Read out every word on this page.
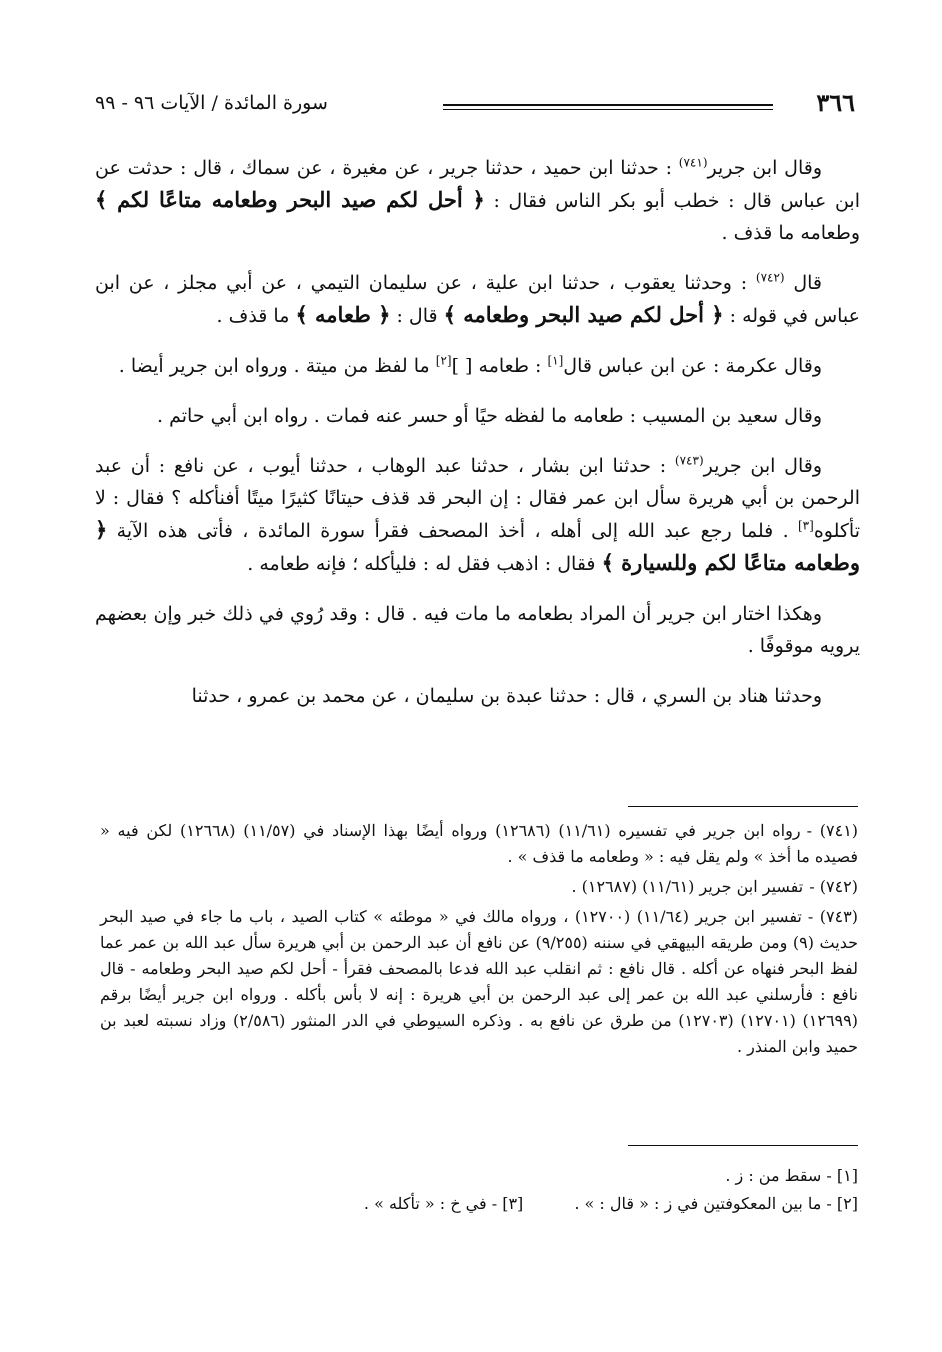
٣٦٦
سورة المائدة / الآيات ٩٦ - ٩٩

وقال ابن جرير$^{(٧٤١)}$ : حدثنا ابن حميد ، حدثنا جرير ، عن مغيرة ، عن سماك ، قال : حدثت عن ابن عباس قال : خطب أبو بكر الناس فقال : ﴿ أحل لكم صيد البحر وطعامه متاعًا لكم ﴾ وطعامه ما قذف .

قال $^{(٧٤٢)}$ : وحدثنا يعقوب ، حدثنا ابن علية ، عن سليمان التيمي ، عن أبي مجلز ، عن ابن عباس في قوله : ﴿ أحل لكم صيد البحر وطعامه ﴾ قال : ﴿ طعامه ﴾ ما قذف .

وقال عكرمة : عن ابن عباس قال[١] : طعامه [ ][٢] ما لفظ من ميتة . ورواه ابن جرير أيضا .

وقال سعيد بن المسيب : طعامه ما لفظه حيًا أو حسر عنه فمات . رواه ابن أبي حاتم .

وقال ابن جرير$^{(٧٤٣)}$ : حدثنا ابن بشار ، حدثنا عبد الوهاب ، حدثنا أيوب ، عن نافع : أن عبد الرحمن بن أبي هريرة سأل ابن عمر فقال : إن البحر قد قذف حيتانًا كثيرًا ميتًا أفنأكله ؟ فقال : لا تأكلوه[٣] . فلما رجع عبد الله إلى أهله ، أخذ المصحف فقرأ سورة المائدة ، فأتى هذه الآية ﴿ وطعامه متاعًا لكم وللسيارة ﴾ فقال : اذهب فقل له : فليأكله ؛ فإنه طعامه .

وهكذا اختار ابن جرير أن المراد بطعامه ما مات فيه . قال : وقد رُوي في ذلك خبر وإن بعضهم يرويه موقوفًا .

وحدثنا هناد بن السري ، قال : حدثنا عبدة بن سليمان ، عن محمد بن عمرو ، حدثنا

(٧٤١) -رواه ابن جرير في تفسيره (١١/٦١) (١٢٦٨٦) ورواه أيضًا بهذا الإسناد في (١١/٥٧) (١٢٦٦٨) لكن فيه « فصيده ما أخذ » ولم يقل فيه : « وطعامه ما قذف » .
(٧٤٢) -تفسير ابن جرير (١١/٦١) (١٢٦٨٧) .
(٧٤٣) -تفسير ابن جرير (١١/٦٤) (١٢٧٠٠) ، ورواه مالك في « موطئه » كتاب الصيد ، باب ما جاء في صيد البحر حديث (٩) ومن طريقه البيهقي في سننه (٩/٢٥٥) عن نافع أن عبد الرحمن بن أبي هريرة سأل عبد الله بن عمر عما لفظ البحر فنهاه عن أكله . قال نافع : ثم انقلب عبد الله فدعا بالمصحف فقرأ - أحل لكم صيد البحر وطعامه - قال نافع : فأرسلني عبد الله بن عمر إلى عبد الرحمن بن أبي هريرة : إنه لا بأس بأكله . ورواه ابن جرير أيضًا برقم (١٢٦٩٩) (١٢٧٠١) (١٢٧٠٣) من طرق عن نافع به . وذكره السيوطي في الدر المنثور (٢/٥٨٦) وزاد نسبته لعبد بن حميد وابن المنذر .
[١] - سقط من : ز .
[٢] - ما بين المعكوفتين في ز : « قال : » . [٣] - في خ : « تأكله » .
